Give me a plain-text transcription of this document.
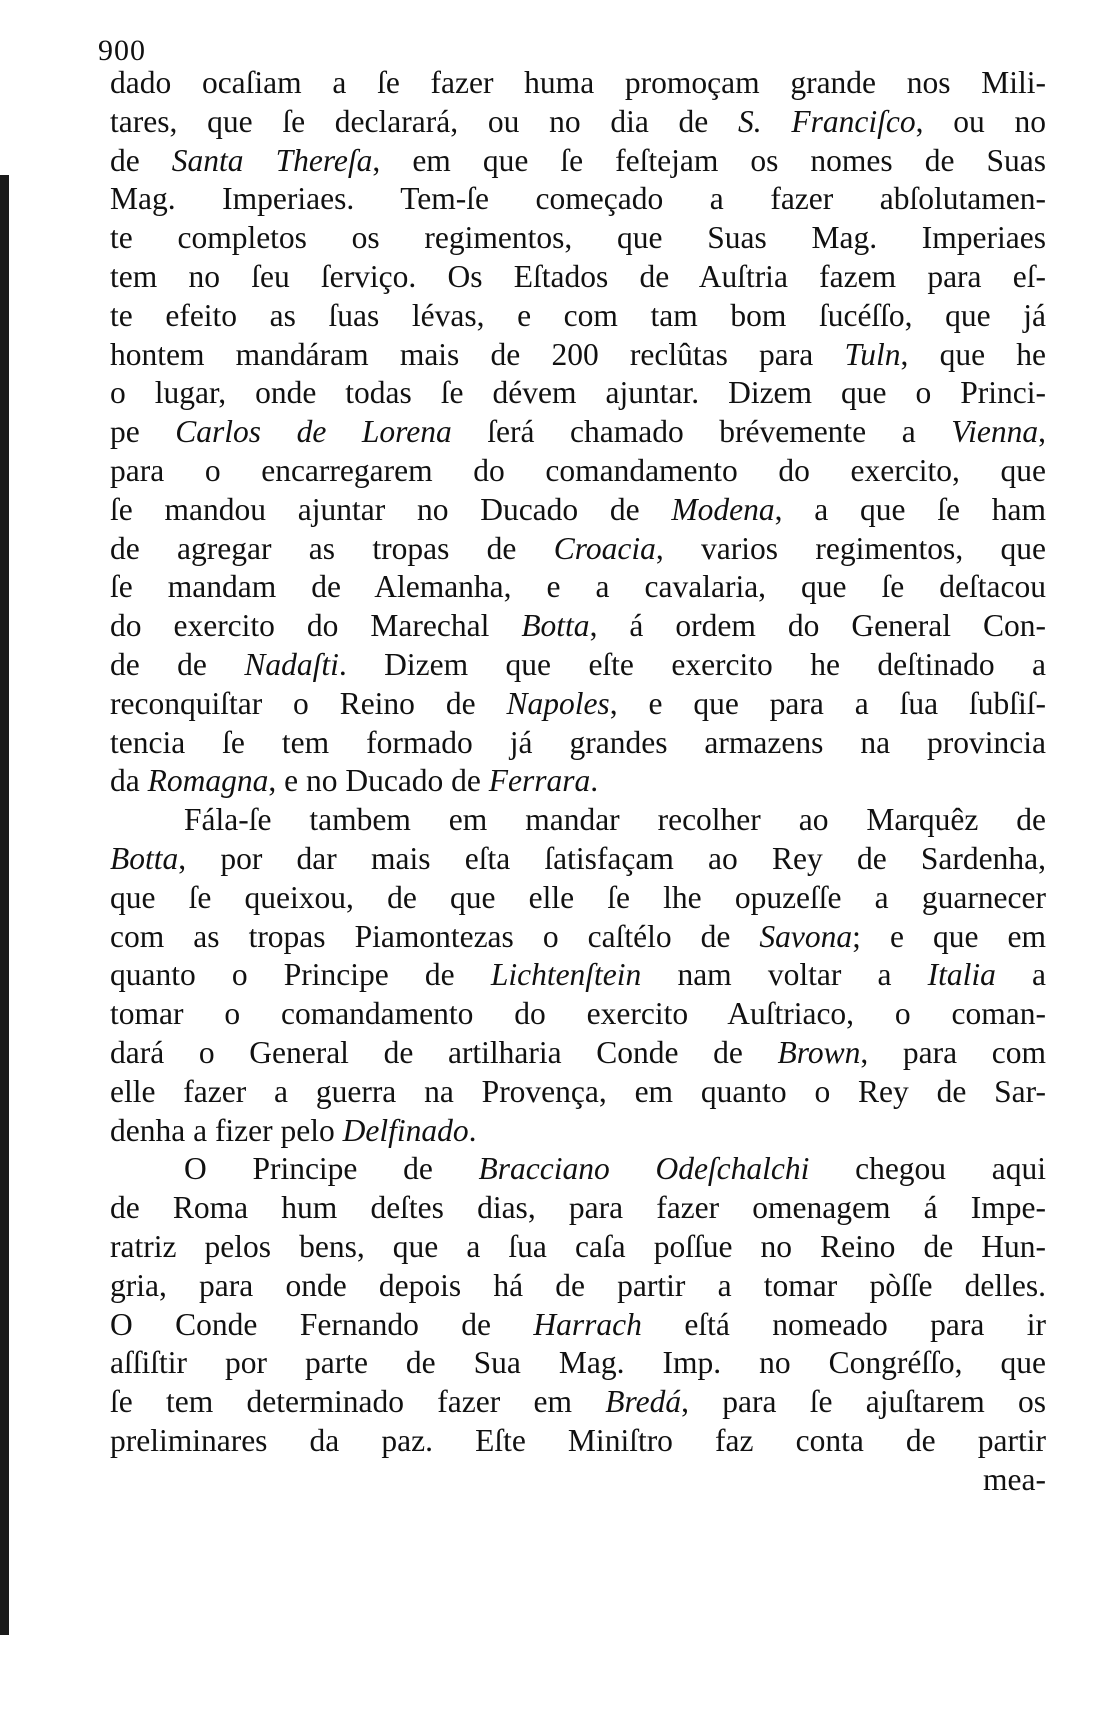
900
dado ocaſiam a ſe fazer huma promoçam grande nos Mili-
tares, que ſe declarará, ou no dia de S. Franciſco, ou no
de Santa Thereſa, em que ſe feſtejam os nomes de Suas
Mag. Imperiaes. Tem-ſe começado a fazer abſolutamen-
te completos os regimentos, que Suas Mag. Imperiaes
tem no ſeu ſerviço. Os Eſtados de Auſtria fazem para eſ-
te efeito as ſuas lévas, e com tam bom ſucéſſo, que já
hontem mandáram mais de 200 reclûtas para Tuln, que he
o lugar, onde todas ſe dévem ajuntar. Dizem que o Princi-
pe Carlos de Lorena ſerá chamado brévemente a Vienna,
para o encarregarem do comandamento do exercito, que
ſe mandou ajuntar no Ducado de Modena, a que ſe ham
de agregar as tropas de Croacia, varios regimentos, que
ſe mandam de Alemanha, e a cavalaria, que ſe deſtacou
do exercito do Marechal Botta, á ordem do General Con-
de de Nadaſti. Dizem que eſte exercito he deſtinado a
reconquiſtar o Reino de Napoles, e que para a ſua ſubſiſ-
tencia ſe tem formado já grandes armazens na provincia
da Romagna, e no Ducado de Ferrara.
Fála-ſe tambem em mandar recolher ao Marquêz de
Botta, por dar mais eſta ſatisfaçam ao Rey de Sardenha,
que ſe queixou, de que elle ſe lhe opuzeſſe a guarnecer
com as tropas Piamontezas o caſtélo de Savona; e que em
quanto o Principe de Lichtenſtein nam voltar a Italia a
tomar o comandamento do exercito Auſtriaco, o coman-
dará o General de artilharia Conde de Brown, para com
elle fazer a guerra na Provença, em quanto o Rey de Sar-
denha a fizer pelo Delfinado.
O Principe de Bracciano Odeſchalchi chegou aqui
de Roma hum deſtes dias, para fazer omenagem á Impe-
ratriz pelos bens, que a ſua caſa poſſue no Reino de Hun-
gria, para onde depois há de partir a tomar pòſſe delles.
O Conde Fernando de Harrach eſtá nomeado para ir
aſſiſtir por parte de Sua Mag. Imp. no Congréſſo, que
ſe tem determinado fazer em Bredá, para ſe ajuſtarem os
preliminares da paz. Eſte Miniſtro faz conta de partir
mea-
